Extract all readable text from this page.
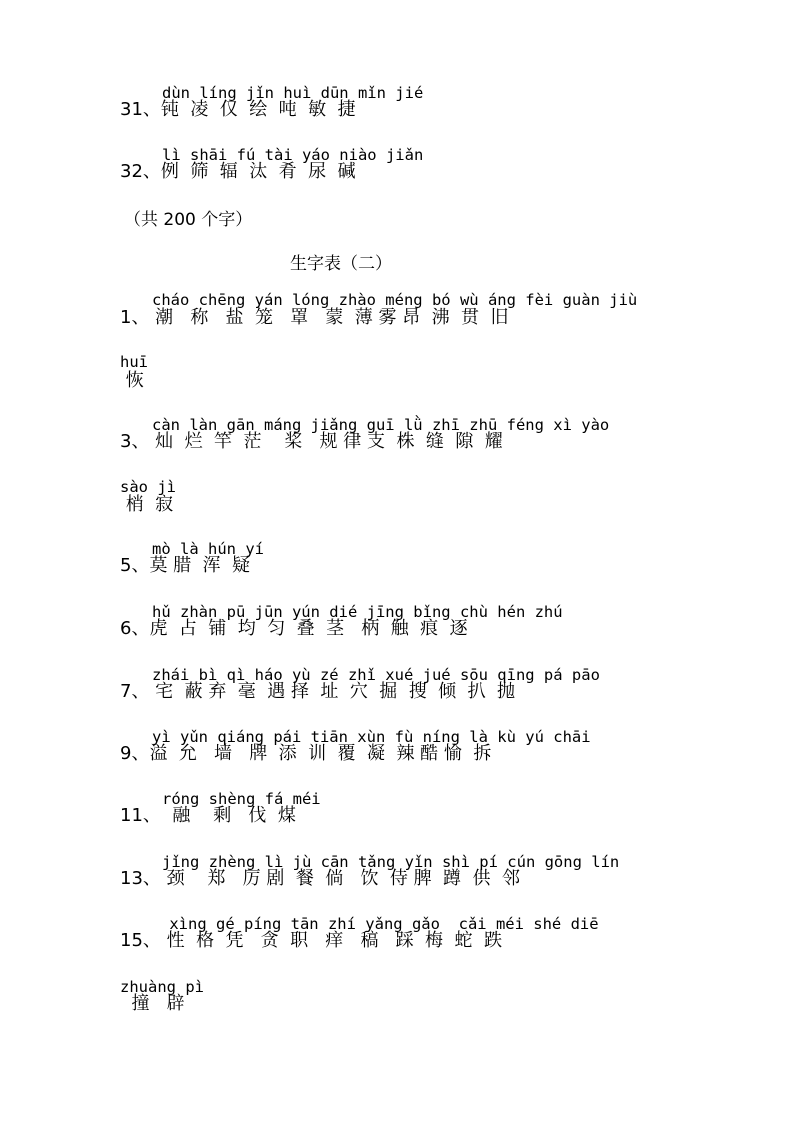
dùn líng jǐn huì dūn mǐn jié
31、钝  凌  仅  绘  吨  敏  捷
lì shāi fú tài yáo niào jiǎn
32、例  筛  辐  汰  肴  尿  碱
（共 200 个字）
生字表（二）
cháo chēng yán lóng zhào méng bó wù áng fèi guàn jiù
1、 潮   称   盐  笼   罩   蒙  薄 雾 昂  沸  贯  旧
huī
恢
càn làn gān máng jiǎng guī lǜ zhī zhū féng xì yào
3、 灿  烂  竿  茫    桨   规 律 支  株  缝  隙  耀
sào jì
梢  寂
mò là hún yí
5、莫 腊  浑  疑
hǔ zhàn pū jūn yún dié jīng bǐng chù hén zhú
6、虎  占  铺  均  匀  叠  茎   柄  触  痕  逐
zhái bì qì háo yù zé zhǐ xué jué sōu qīng pá pāo
7、 宅  蔽 弃  毫  遇 择  址  穴  掘  搜  倾  扒  抛
yì yǔn qiáng pái tiān xùn fù níng là kù yú chāi
9、溢  允   墙   牌  添  训  覆  凝  辣 酷 愉  拆
róng shèng fá méi
11、  融    剩   伐  煤
jǐng zhèng lì jù cān tǎng yǐn shì pí cún gōng lín
13、 颈    郑   厉 剧  餐  倘   饮  侍 脾  蹲  供  邻
xìng gé píng tān zhí yǎng gǎo  cǎi méi shé diē
15、 性  格  凭   贪  职   痒   稿   踩  梅  蛇  跌
zhuàng pì
撞   辟
